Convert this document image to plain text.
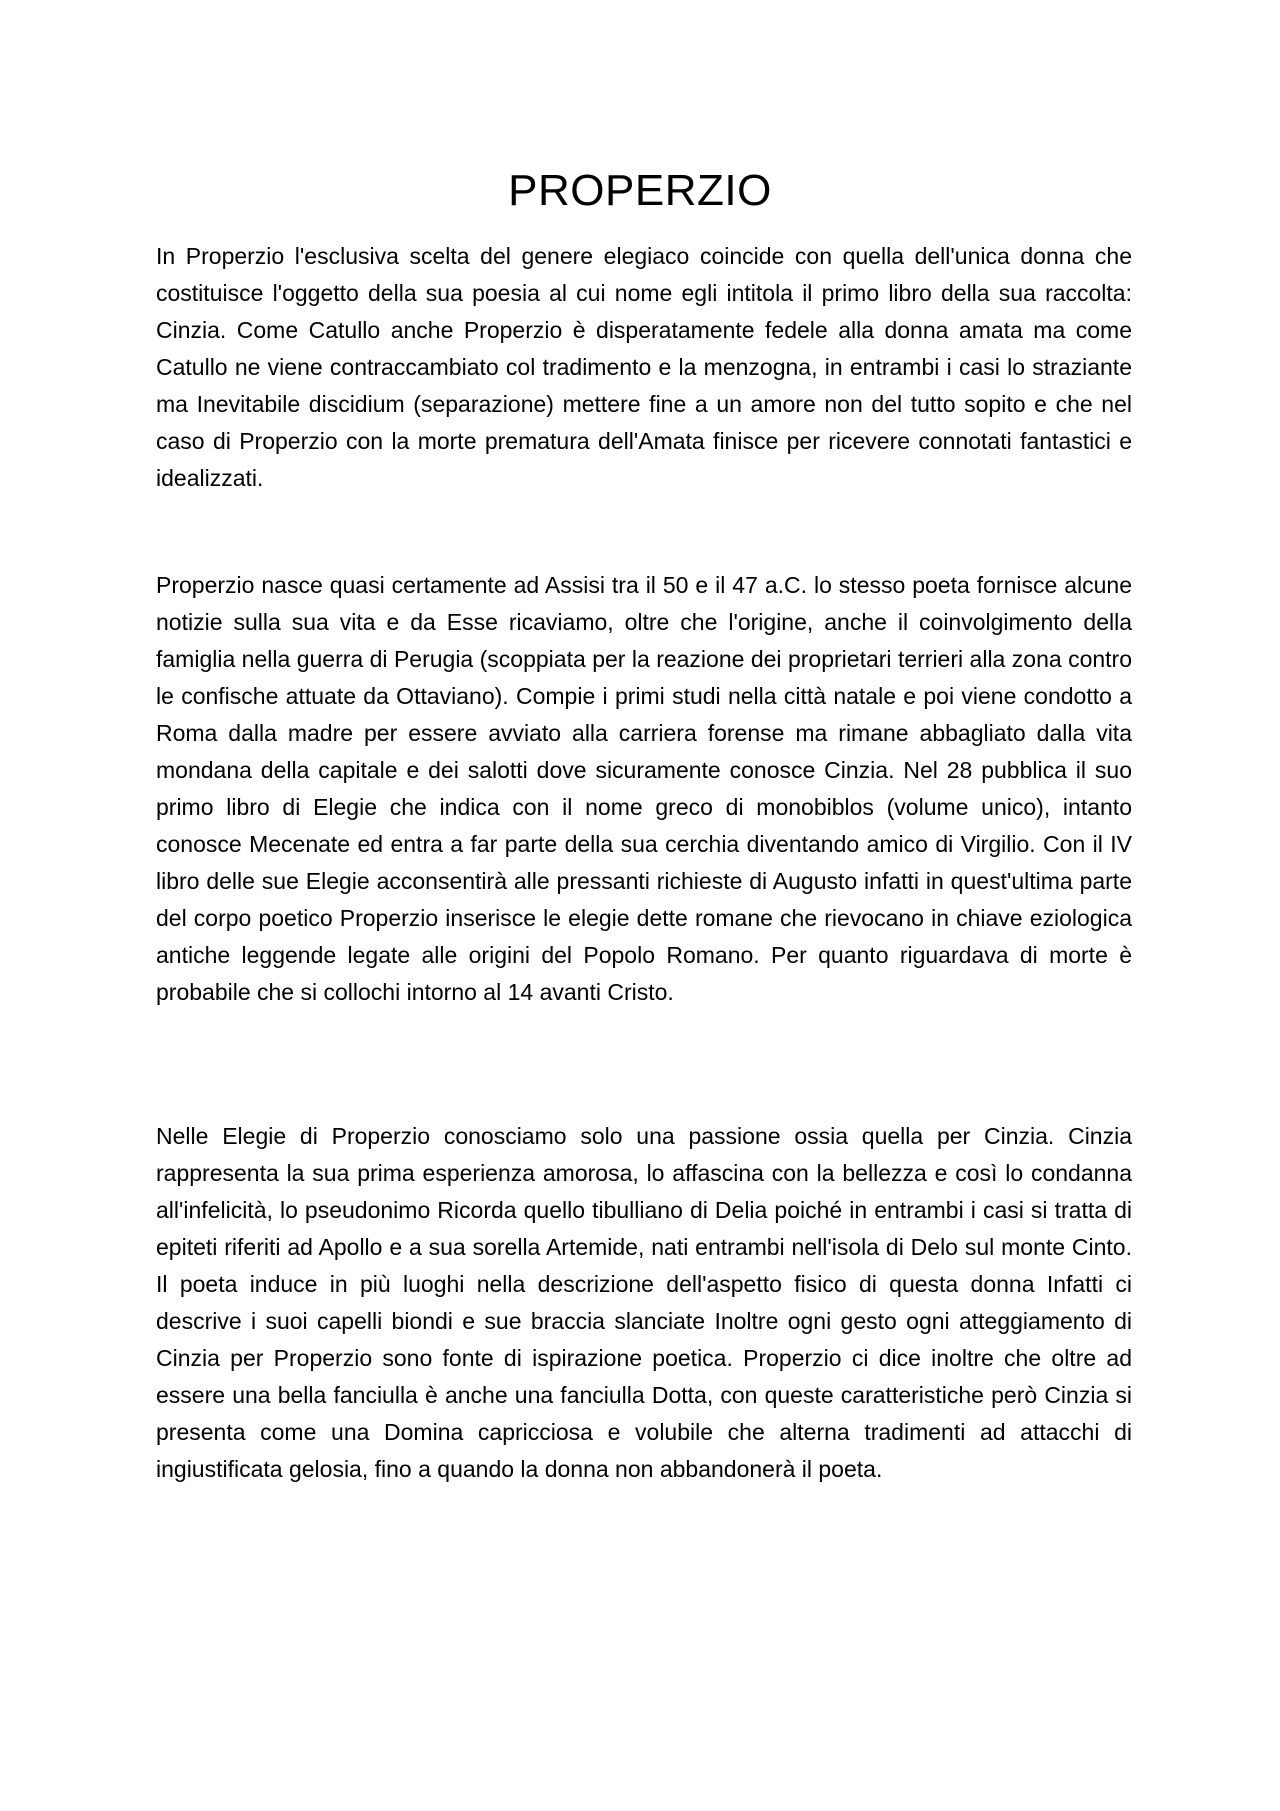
PROPERZIO

In Properzio l'esclusiva scelta del genere elegiaco coincide con quella dell'unica donna che costituisce l'oggetto della sua poesia al cui nome egli intitola il primo libro della sua raccolta: Cinzia. Come Catullo anche Properzio è disperatamente fedele alla donna amata ma come Catullo ne viene contraccambiato col tradimento e la menzogna, in entrambi i casi lo straziante ma Inevitabile discidium (separazione) mettere fine a un amore non del tutto sopito e che nel caso di Properzio con la morte prematura dell'Amata finisce per ricevere connotati fantastici e idealizzati.

Properzio nasce quasi certamente ad Assisi tra il 50 e il 47 a.C. lo stesso poeta fornisce alcune notizie sulla sua vita e da Esse ricaviamo, oltre che l'origine, anche il coinvolgimento della famiglia nella guerra di Perugia (scoppiata per la reazione dei proprietari terrieri alla zona contro le confische attuate da Ottaviano). Compie i primi studi nella città natale e poi viene condotto a Roma dalla madre per essere avviato alla carriera forense ma rimane abbagliato dalla vita mondana della capitale e dei salotti dove sicuramente conosce Cinzia. Nel 28 pubblica il suo primo libro di Elegie che indica con il nome greco di monobiblos (volume unico), intanto conosce Mecenate ed entra a far parte della sua cerchia diventando amico di Virgilio. Con il IV libro delle sue Elegie acconsentirà alle pressanti richieste di Augusto infatti in quest'ultima parte del corpo poetico Properzio inserisce le elegie dette romane che rievocano in chiave eziologica antiche leggende legate alle origini del Popolo Romano. Per quanto riguardava di morte è probabile che si collochi intorno al 14 avanti Cristo.

Nelle Elegie di Properzio conosciamo solo una passione ossia quella per Cinzia. Cinzia rappresenta la sua prima esperienza amorosa, lo affascina con la bellezza e così lo condanna all'infelicità, lo pseudonimo Ricorda quello tibulliano di Delia poiché in entrambi i casi si tratta di epiteti riferiti ad Apollo e a sua sorella Artemide, nati entrambi nell'isola di Delo sul monte Cinto. Il poeta induce in più luoghi nella descrizione dell'aspetto fisico di questa donna Infatti ci descrive i suoi capelli biondi e sue braccia slanciate Inoltre ogni gesto ogni atteggiamento di Cinzia per Properzio sono fonte di ispirazione poetica. Properzio ci dice inoltre che oltre ad essere una bella fanciulla è anche una fanciulla Dotta, con queste caratteristiche però Cinzia si presenta come una Domina capricciosa e volubile che alterna tradimenti ad attacchi di ingiustificata gelosia, fino a quando la donna non abbandonerà il poeta.
